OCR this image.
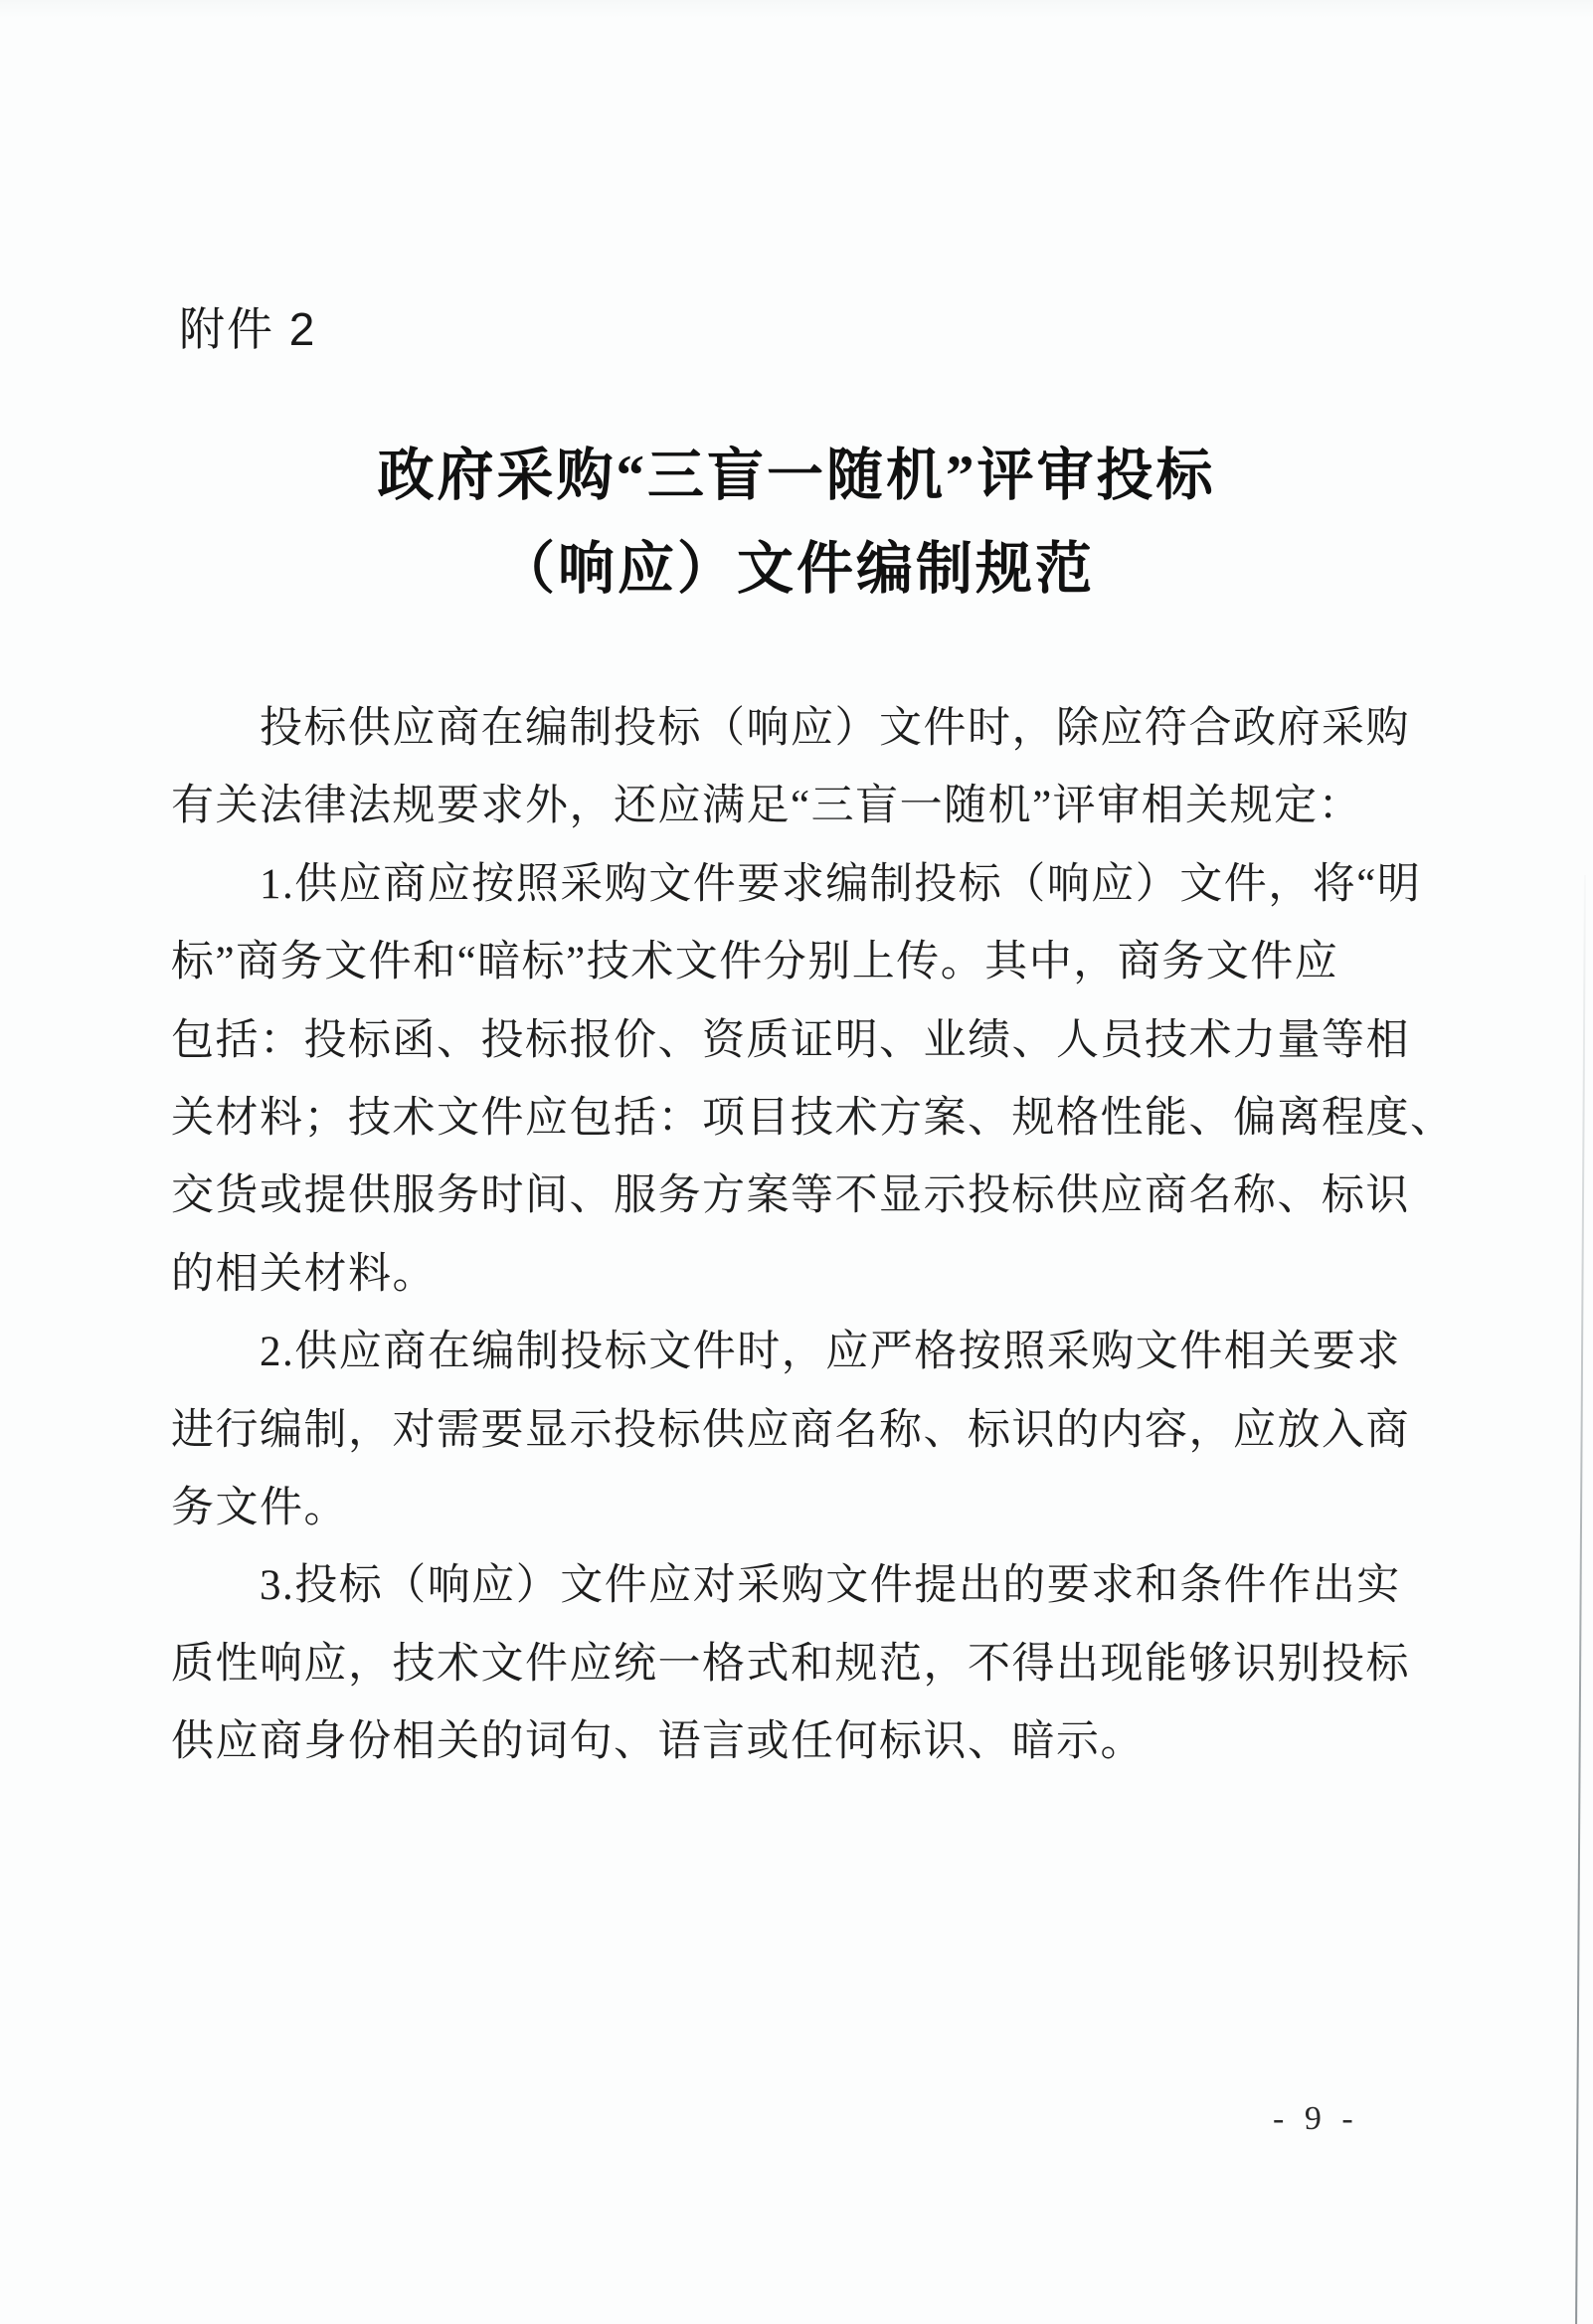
附件 2
政府采购“三盲一随机”评审投标
（响应）文件编制规范
投标供应商在编制投标（响应）文件时，除应符合政府采购
有关法律法规要求外，还应满足“三盲一随机”评审相关规定：
1.供应商应按照采购文件要求编制投标（响应）文件，将“明
标”商务文件和“暗标”技术文件分别上传。其中，商务文件应
包括：投标函、投标报价、资质证明、业绩、人员技术力量等相
关材料；技术文件应包括：项目技术方案、规格性能、偏离程度、
交货或提供服务时间、服务方案等不显示投标供应商名称、标识
的相关材料。
2.供应商在编制投标文件时，应严格按照采购文件相关要求
进行编制，对需要显示投标供应商名称、标识的内容，应放入商
务文件。
3.投标（响应）文件应对采购文件提出的要求和条件作出实
质性响应，技术文件应统一格式和规范，不得出现能够识别投标
供应商身份相关的词句、语言或任何标识、暗示。
- 9 -
